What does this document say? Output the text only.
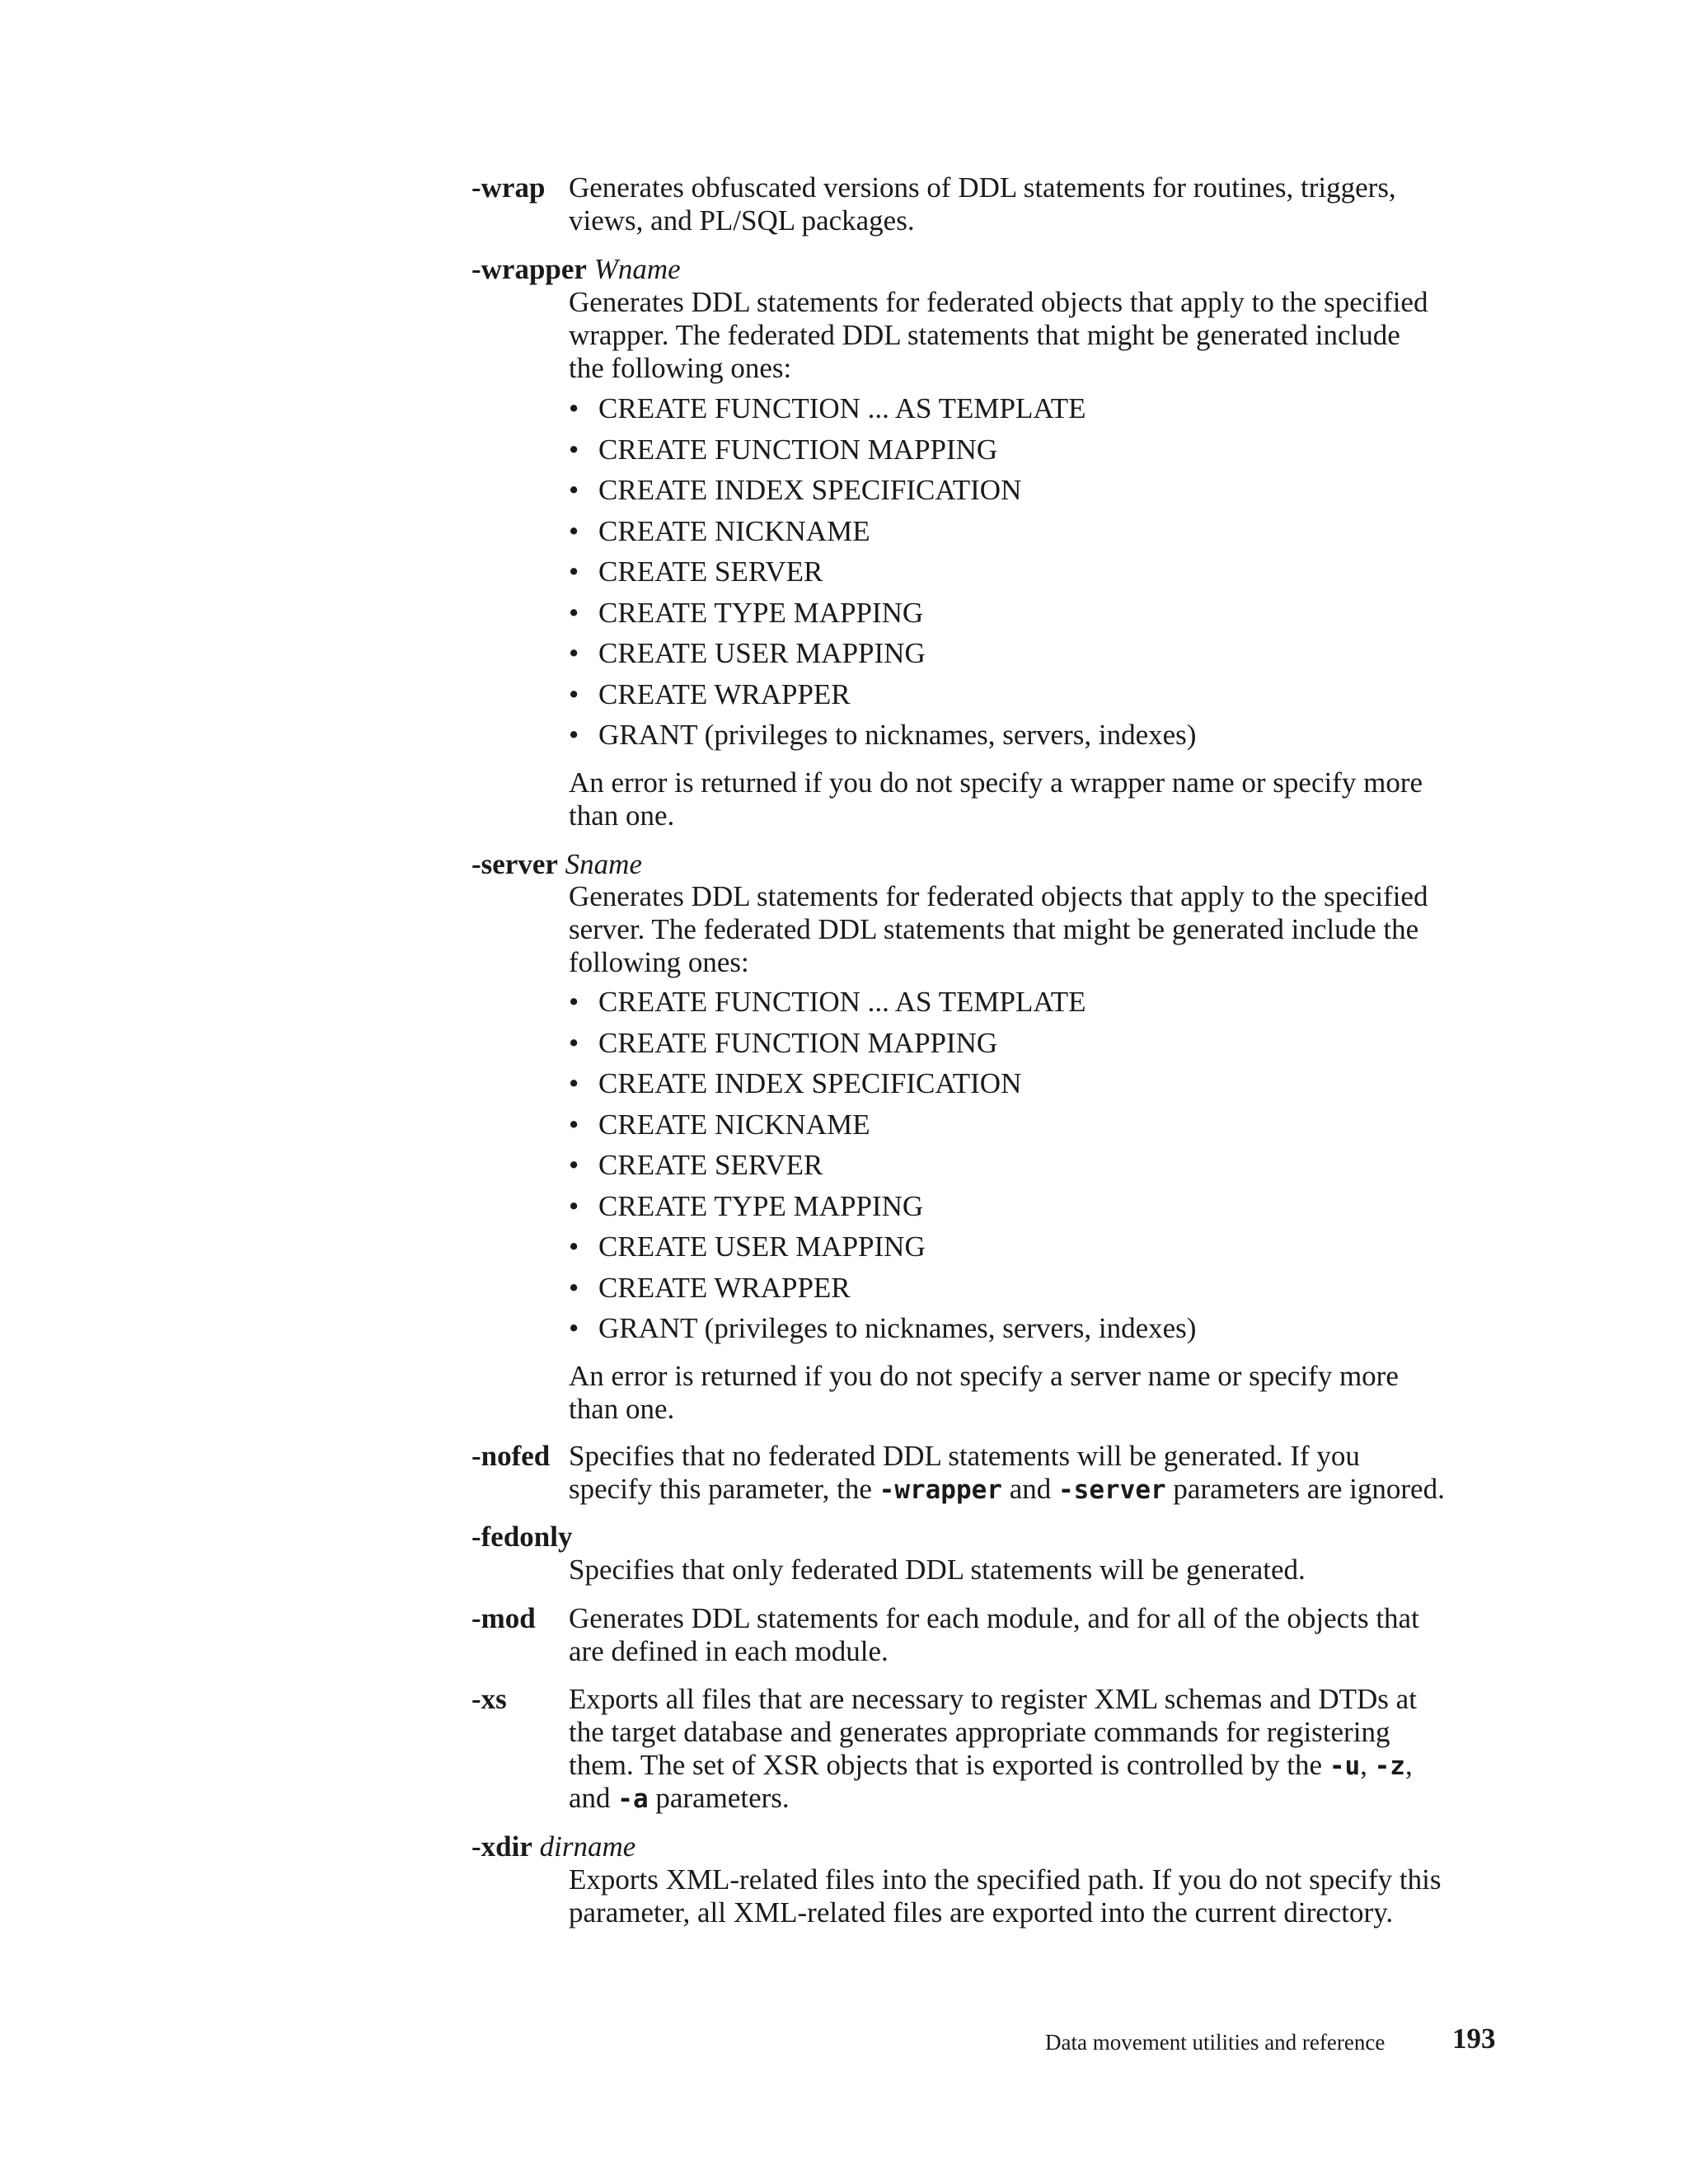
-wrap Generates obfuscated versions of DDL statements for routines, triggers,
views, and PL/SQL packages.
-wrapper Wname
Generates DDL statements for federated objects that apply to the specified
wrapper. The federated DDL statements that might be generated include
the following ones:
• CREATE FUNCTION ... AS TEMPLATE
• CREATE FUNCTION MAPPING
• CREATE INDEX SPECIFICATION
• CREATE NICKNAME
• CREATE SERVER
• CREATE TYPE MAPPING
• CREATE USER MAPPING
• CREATE WRAPPER
• GRANT (privileges to nicknames, servers, indexes)
An error is returned if you do not specify a wrapper name or specify more
than one.
-server Sname
Generates DDL statements for federated objects that apply to the specified
server. The federated DDL statements that might be generated include the
following ones:
• CREATE FUNCTION ... AS TEMPLATE
• CREATE FUNCTION MAPPING
• CREATE INDEX SPECIFICATION
• CREATE NICKNAME
• CREATE SERVER
• CREATE TYPE MAPPING
• CREATE USER MAPPING
• CREATE WRAPPER
• GRANT (privileges to nicknames, servers, indexes)
An error is returned if you do not specify a server name or specify more
than one.
-nofed Specifies that no federated DDL statements will be generated. If you
specify this parameter, the -wrapper and -server parameters are ignored.
-fedonly
Specifies that only federated DDL statements will be generated.
-mod Generates DDL statements for each module, and for all of the objects that
are defined in each module.
-xs Exports all files that are necessary to register XML schemas and DTDs at
the target database and generates appropriate commands for registering
them. The set of XSR objects that is exported is controlled by the -u, -z,
and -a parameters.
-xdir dirname
Exports XML-related files into the specified path. If you do not specify this
parameter, all XML-related files are exported into the current directory.
Data movement utilities and reference 193
